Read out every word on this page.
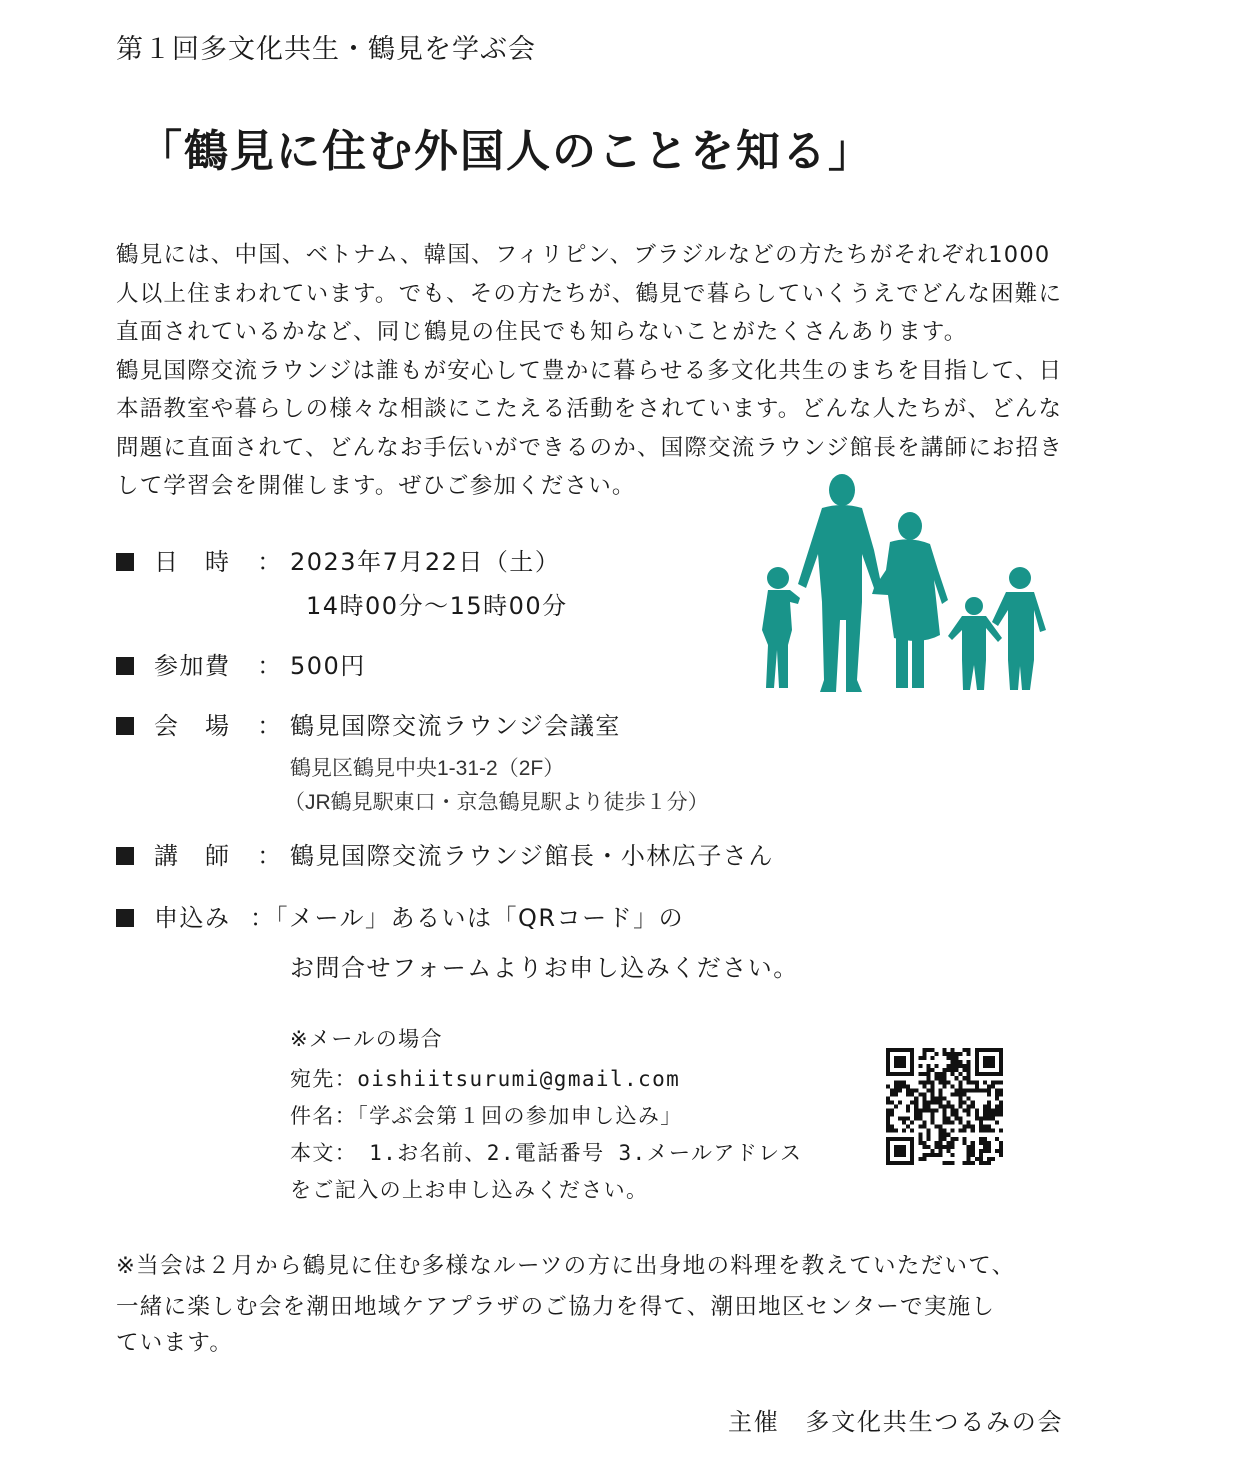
第１回多文化共生・鶴見を学ぶ会
「鶴見に住む外国人のことを知る」

鶴見には、中国、ベトナム、韓国、フィリピン、ブラジルなどの方たちがそれぞれ1000

人以上住まわれています。でも、その方たちが、鶴見で暮らしていくうえでどんな困難に

直面されているかなど、同じ鶴見の住民でも知らないことがたくさんあります。

鶴見国際交流ラウンジは誰もが安心して豊かに暮らせる多文化共生のまちを目指して、日

本語教室や暮らしの様々な相談にこたえる活動をされています。どんな人たちが、どんな

問題に直面されて、どんなお手伝いができるのか、国際交流ラウンジ館長を講師にお招き

して学習会を開催します。ぜひご参加ください。

日　時 ： 2023年7月22日（土）
14時00分～15時00分
参加費 ： 500円
会　場 ： 鶴見国際交流ラウンジ会議室
鶴見区鶴見中央1-31-2（2F）
（JR鶴見駅東口・京急鶴見駅より徒歩１分）
講　師 ： 鶴見国際交流ラウンジ館長・小林広子さん
申込み ：「メール」あるいは「QRコード」の
お問合せフォームよりお申し込みください。
※メールの場合
宛先：oishiitsurumi@gmail.com
件名：「学ぶ会第１回の参加申し込み」
本文：　1.お名前、2.電話番号 3.メールアドレス
をご記入の上お申し込みください。
※当会は２月から鶴見に住む多様なルーツの方に出身地の料理を教えていただいて、
一緒に楽しむ会を潮田地域ケアプラザのご協力を得て、潮田地区センターで実施し
ています。
主催　多文化共生つるみの会
